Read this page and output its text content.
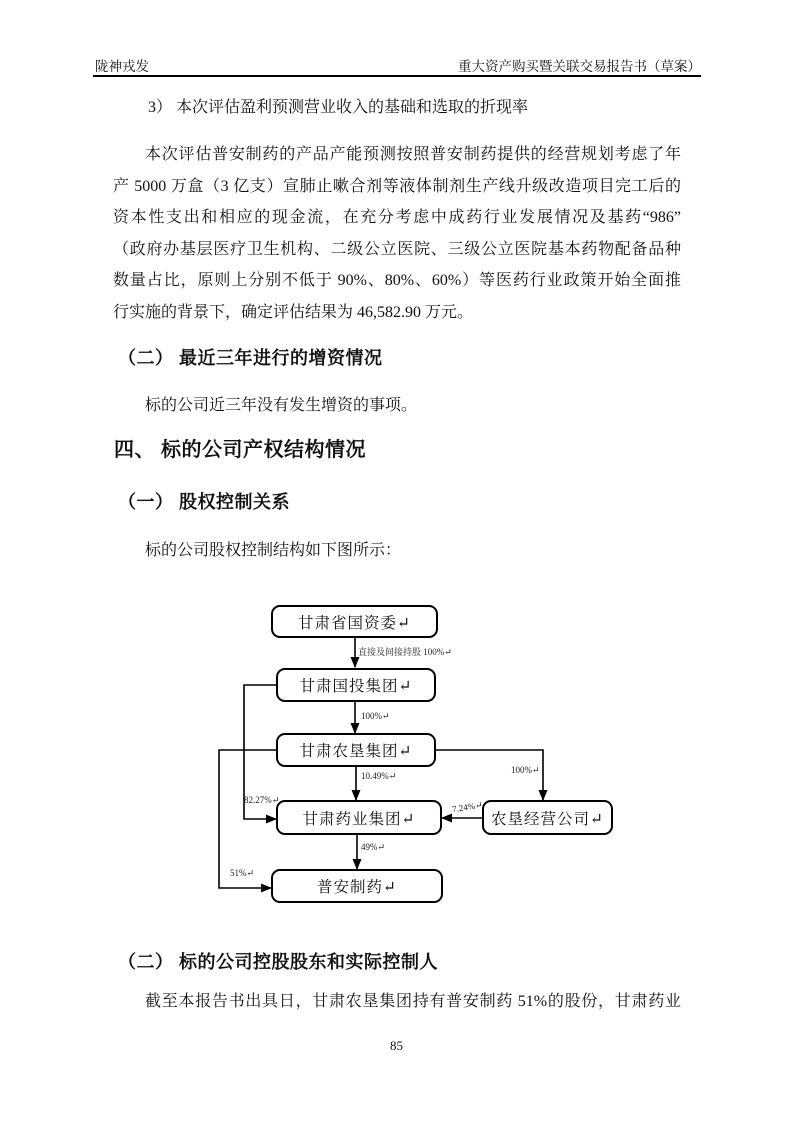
陇神戎发	重大资产购买暨关联交易报告书（草案）
3） 本次评估盈利预测营业收入的基础和选取的折现率
本次评估普安制药的产品产能预测按照普安制药提供的经营规划考虑了年
产 5000 万盒（3 亿支）宣肺止嗽合剂等液体制剂生产线升级改造项目完工后的
资本性支出和相应的现金流，在充分考虑中成药行业发展情况及基药“986”
（政府办基层医疗卫生机构、二级公立医院、三级公立医院基本药物配备品种
数量占比，原则上分别不低于 90%、80%、60%）等医药行业政策开始全面推
行实施的背景下，确定评估结果为 46,582.90 万元。
（二） 最近三年进行的增资情况
标的公司近三年没有发生增资的事项。
四、 标的公司产权结构情况
（一） 股权控制关系
标的公司股权控制结构如下图所示：
甘肃省国资委↵
甘肃国投集团↵
甘肃农垦集团↵
甘肃药业集团↵	农垦经营公司↵
普安制药↵
直接及间接持股 100%↵
100%↵
10.49%↵
82.27%↵
100%↵
7.24%↵
49%↵
51%↵
（二） 标的公司控股股东和实际控制人
截至本报告书出具日，甘肃农垦集团持有普安制药 51%的股份，甘肃药业
85
